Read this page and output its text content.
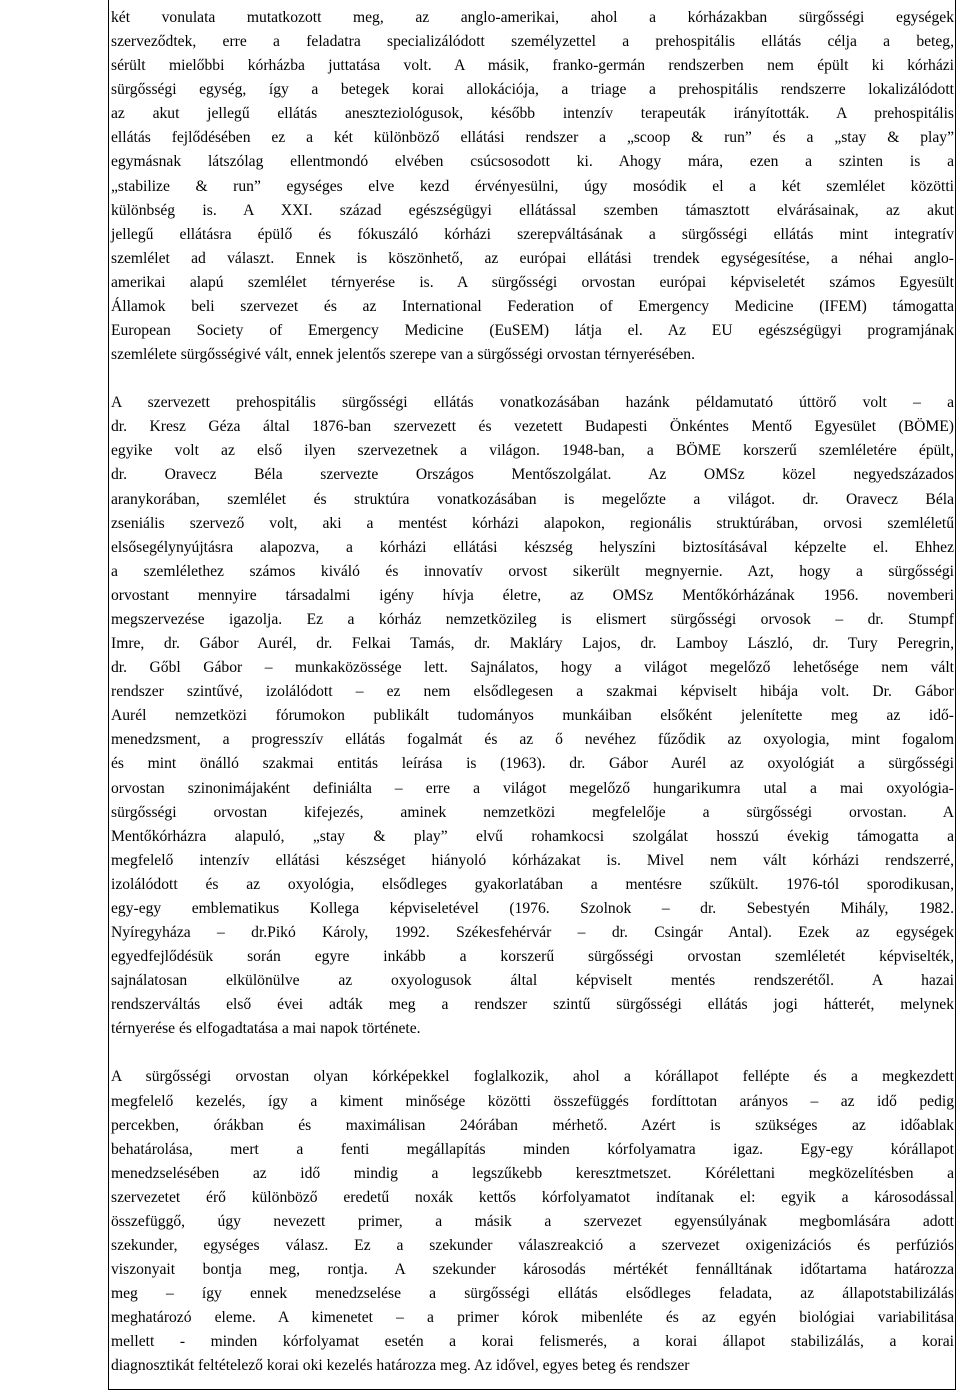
két vonulata mutatkozott meg, az anglo-amerikai, ahol a kórházakban sürgősségi egységek szerveződtek, erre a feladatra specializálódott személyzettel a prehospitális ellátás célja a beteg, sérült mielőbbi kórházba juttatása volt. A másik, franko-germán rendszerben nem épült ki kórházi sürgősségi egység, így a betegek korai allokációja, a triage a prehospitális rendszerre lokalizálódott az akut jellegű ellátás aneszteziológusok, később intenzív terapeuták irányították. A prehospitális ellátás fejlődésében ez a két különböző ellátási rendszer a „scoop & run” és a „stay & play” egymásnak látszólag ellentmondó elvében csúcsosodott ki. Ahogy mára, ezen a szinten is a „stabilize & run” egységes elve kezd érvényesülni, úgy mosódik el a két szemlélet közötti különbség is. A XXI. század egészségügyi ellátással szemben támasztott elvárásainak, az akut jellegű ellátásra épülő és fókuszáló kórházi szerepváltásának a sürgősségi ellátás mint integratív szemlélet ad választ. Ennek is köszönhető, az európai ellátási trendek egységesítése, a néhai anglo- amerikai alapú szemlélet térnyerése is. A sürgősségi orvostan európai képviseletét számos Egyesült Államok beli szervezet és az International Federation of Emergency Medicine (IFEM) támogatta European Society of Emergency Medicine (EuSEM) látja el. Az EU egészségügyi programjának szemlélete sürgősségivé vált, ennek jelentős szerepe van a sürgősségi orvostan térnyerésében.

A szervezett prehospitális sürgősségi ellátás vonatkozásában hazánk példamutató úttörő volt – a dr. Kresz Géza által 1876-ban szervezett és vezetett Budapesti Önkéntes Mentő Egyesület (BÖME) egyike volt az első ilyen szervezetnek a világon. 1948-ban, a BÖME korszerű szemléletére épült, dr. Oravecz Béla szervezte Országos Mentőszolgálat. Az OMSz közel negyedszázados aranykorában, szemlélet és struktúra vonatkozásában is megelőzte a világot. dr. Oravecz Béla zseniális szervező volt, aki a mentést kórházi alapokon, regionális struktúrában, orvosi szemléletű elsősegélynyújtásra alapozva, a kórházi ellátási készség helyszíni biztosításával képzelte el. Ehhez a szemlélethez számos kiváló és innovatív orvost sikerült megnyernie. Azt, hogy a sürgősségi orvostant mennyire társadalmi igény hívja életre, az OMSz Mentőkórházának 1956. novemberi megszervezése igazolja. Ez a kórház nemzetközileg is elismert sürgősségi orvosok – dr. Stumpf Imre, dr. Gábor Aurél, dr. Felkai Tamás, dr. Makláry Lajos, dr. Lamboy László, dr. Tury Peregrin, dr. Gőbl Gábor – munkaközössége lett. Sajnálatos, hogy a világot megelőző lehetősége nem vált rendszer szintűvé, izolálódott – ez nem elsődlegesen a szakmai képviselt hibája volt. Dr. Gábor Aurél nemzetközi fórumokon publikált tudományos munkáiban elsőként jelenítette meg az idő- menedzsment, a progresszív ellátás fogalmát és az ő nevéhez fűződik az oxyologia, mint fogalom és mint önálló szakmai entitás leírása is (1963). dr. Gábor Aurél az oxyológiát a sürgősségi orvostan szinonimájaként definiálta – erre a világot megelőző hungarikumra utal a mai oxyológia- sürgősségi orvostan kifejezés, aminek nemzetközi megfelelője a sürgősségi orvostan. A Mentőkórházra alapuló, „stay & play” elvű rohamkocsi szolgálat hosszú évekig támogatta a megfelelő intenzív ellátási készséget hiányoló kórházakat is. Mivel nem vált kórházi rendszerré, izolálódott és az oxyológia, elsődleges gyakorlatában a mentésre szűkült. 1976-tól sporodikusan, egy-egy emblematikus Kollega képviseletével (1976. Szolnok – dr. Sebestyén Mihály, 1982. Nyíregyháza – dr.Pikó Károly, 1992. Székesfehérvár – dr. Csingár Antal). Ezek az egységek egyedfejlődésük során egyre inkább a korszerű sürgősségi orvostan szemléletét képviselték, sajnálatosan elkülönülve az oxyologusok által képviselt mentés rendszerétől. A hazai rendszerváltás első évei adták meg a rendszer szintű sürgősségi ellátás jogi hátterét, melynek térnyerése és elfogadtatása a mai napok története.

A sürgősségi orvostan olyan kórképekkel foglalkozik, ahol a kórállapot fellépte és a megkezdett megfelelő kezelés, így a kiment minősége közötti összefüggés fordíttotan arányos – az idő pedig percekben, órákban és maximálisan 24órában mérhető. Azért is szükséges az időablak behatárolása, mert a fenti megállapítás minden kórfolyamatra igaz. Egy-egy kórállapot menedzselésében az idő mindig a legszűkebb keresztmetszet. Kórélettani megközelítésben a szervezetet érő különböző eredetű noxák kettős kórfolyamatot indítanak el: egyik a károsodással összefüggő, úgy nevezett primer, a másik a szervezet egyensúlyának megbomlására adott szekunder, egységes válasz. Ez a szekunder válaszreakció a szervezet oxigenizációs és perfúziós viszonyait bontja meg, rontja. A szekunder károsodás mértékét fennálltának időtartama határozza meg – így ennek menedzselése a sürgősségi ellátás elsődleges feladata, az állapotstabilizálás meghatározó eleme. A kimenetet – a primer kórok mibenléte és az egyén biológiai variabilitása mellett - minden kórfolyamat esetén a korai felismerés, a korai állapot stabilizálás, a korai diagnosztikát feltételező korai oki kezelés határozza meg. Az idővel, egyes beteg és rendszer
